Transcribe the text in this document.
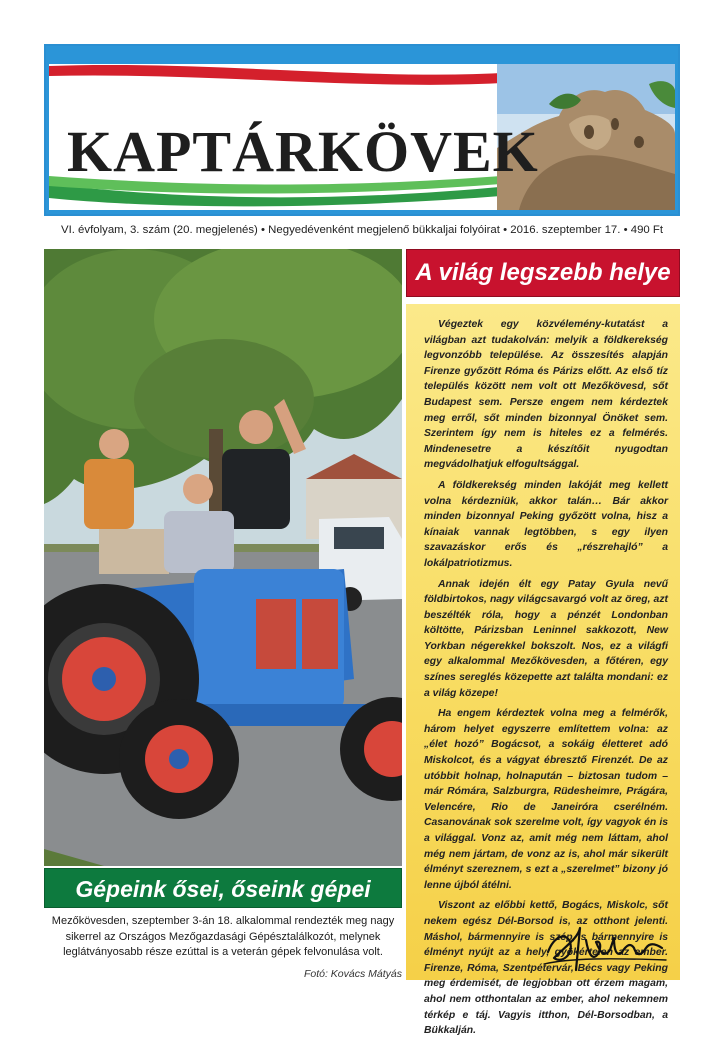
KAPTÁRKÖVEK
VI. évfolyam, 3. szám (20. megjelenés) • Negyedévenként megjelenő bükkaljai folyóirat • 2016. szeptember 17. • 490 Ft
Gépeink ősei, őseink gépei
Mezőkövesden, szeptember 3-án 18. alkalommal rendezték meg nagy sikerrel az Országos Mezőgazdasági Gépésztalálkozót, melynek leglátványosabb része ezúttal is a veterán gépek felvonulása volt.
Fotó: Kovács Mátyás
A világ legszebb helye

Végeztek egy közvélemény-kutatást a világban azt tudakolván: melyik a földkerekség legvonzóbb települése. Az összesítés alapján Firenze győzött Róma és Párizs előtt. Az első tíz település között nem volt ott Mezőkövesd, sőt Budapest sem. Persze engem nem kérdeztek meg erről, sőt minden bizonnyal Önöket sem. Szerintem így nem is hiteles ez a felmérés. Mindenesetre a készítőit nyugodtan megvádolhatjuk elfogultsággal.

A földkerekség minden lakóját meg kellett volna kérdezniük, akkor talán… Bár akkor minden bizonnyal Peking győzött volna, hisz a kínaiak vannak legtöbben, s egy ilyen szavazáskor erős és „részrehajló” a lokálpatriotizmus.

Annak idején élt egy Patay Gyula nevű földbirtokos, nagy világcsavargó volt az öreg, azt beszélték róla, hogy a pénzét Londonban költötte, Párizsban Leninnel sakkozott, New Yorkban négerekkel bokszolt. Nos, ez a világfi egy alkalommal Mezőkövesden, a főtéren, egy színes sereglés közepette azt találta mondani: ez a világ közepe!

Ha engem kérdeztek volna meg a felmérők, három helyet egyszerre említettem volna: az „élet hozó” Bogácsot, a sokáig életteret adó Miskolcot, és a vágyat ébresztő Firenzét. De az utóbbit holnap, holnapután – biztosan tudom – már Rómára, Salzburgra, Rüdesheimre, Prágára, Velencére, Rio de Janeiróra cserélném. Casanovának sok szerelme volt, így vagyok én is a világgal. Vonz az, amit még nem láttam, ahol még nem jártam, de vonz az is, ahol már sikerült élményt szereznem, s ezt a „szerelmet” bizony jó lenne újból átélni.

Viszont az előbbi kettő, Bogács, Miskolc, sőt nekem egész Dél-Borsod is, az otthont jelenti. Máshol, bármennyire is szép, s bármennyire is élményt nyújt az a hely, gyökértelen az ember. Firenze, Róma, Szentpétervár, Bécs vagy Peking meg érdemisét, de legjobban ott érzem magam, ahol nem otthontalan az ember, ahol nekemnem térkép e táj. Vagyis itthon, Dél-Borsodban, a Bükkalján.
